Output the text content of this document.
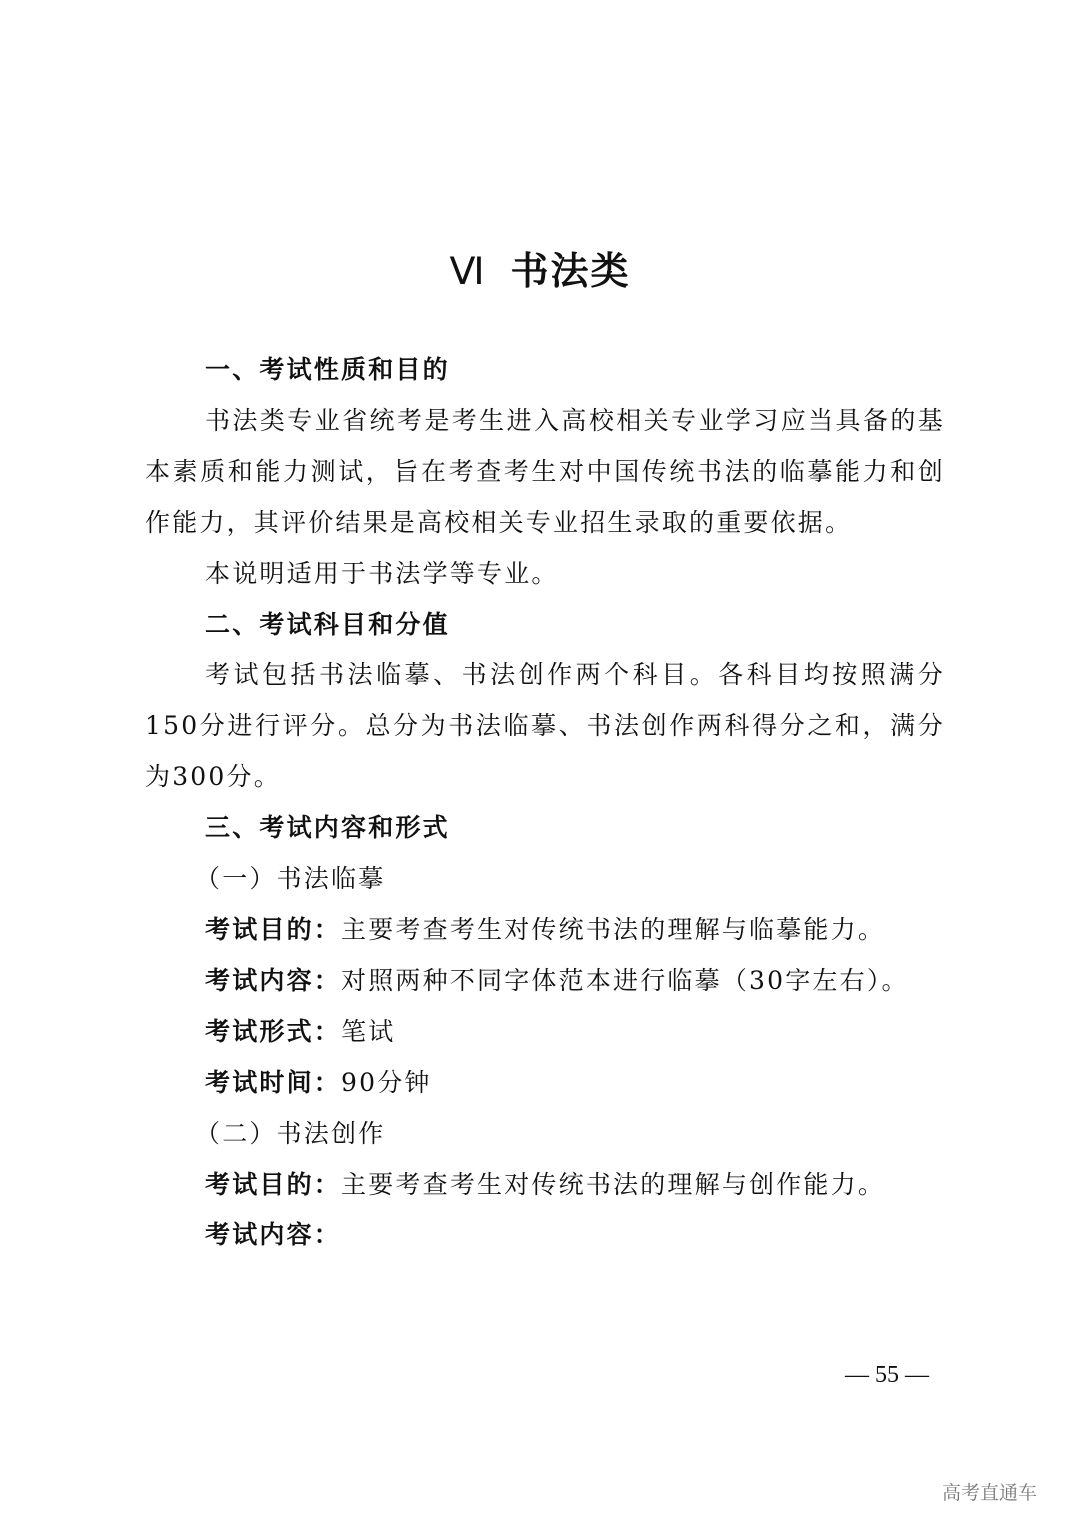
Ⅵ 书法类

一、考试性质和目的

书法类专业省统考是考生进入高校相关专业学习应当具备的基本素质和能力测试，旨在考查考生对中国传统书法的临摹能力和创作能力，其评价结果是高校相关专业招生录取的重要依据。

本说明适用于书法学等专业。

二、考试科目和分值

考试包括书法临摹、书法创作两个科目。各科目均按照满分150分进行评分。总分为书法临摹、书法创作两科得分之和，满分为300分。

三、考试内容和形式

（一）书法临摹

考试目的：主要考查考生对传统书法的理解与临摹能力。

考试内容：对照两种不同字体范本进行临摹（30字左右）。

考试形式：笔试

考试时间：90分钟

（二）书法创作

考试目的：主要考查考生对传统书法的理解与创作能力。

考试内容：

— 55 —
高考直通车
